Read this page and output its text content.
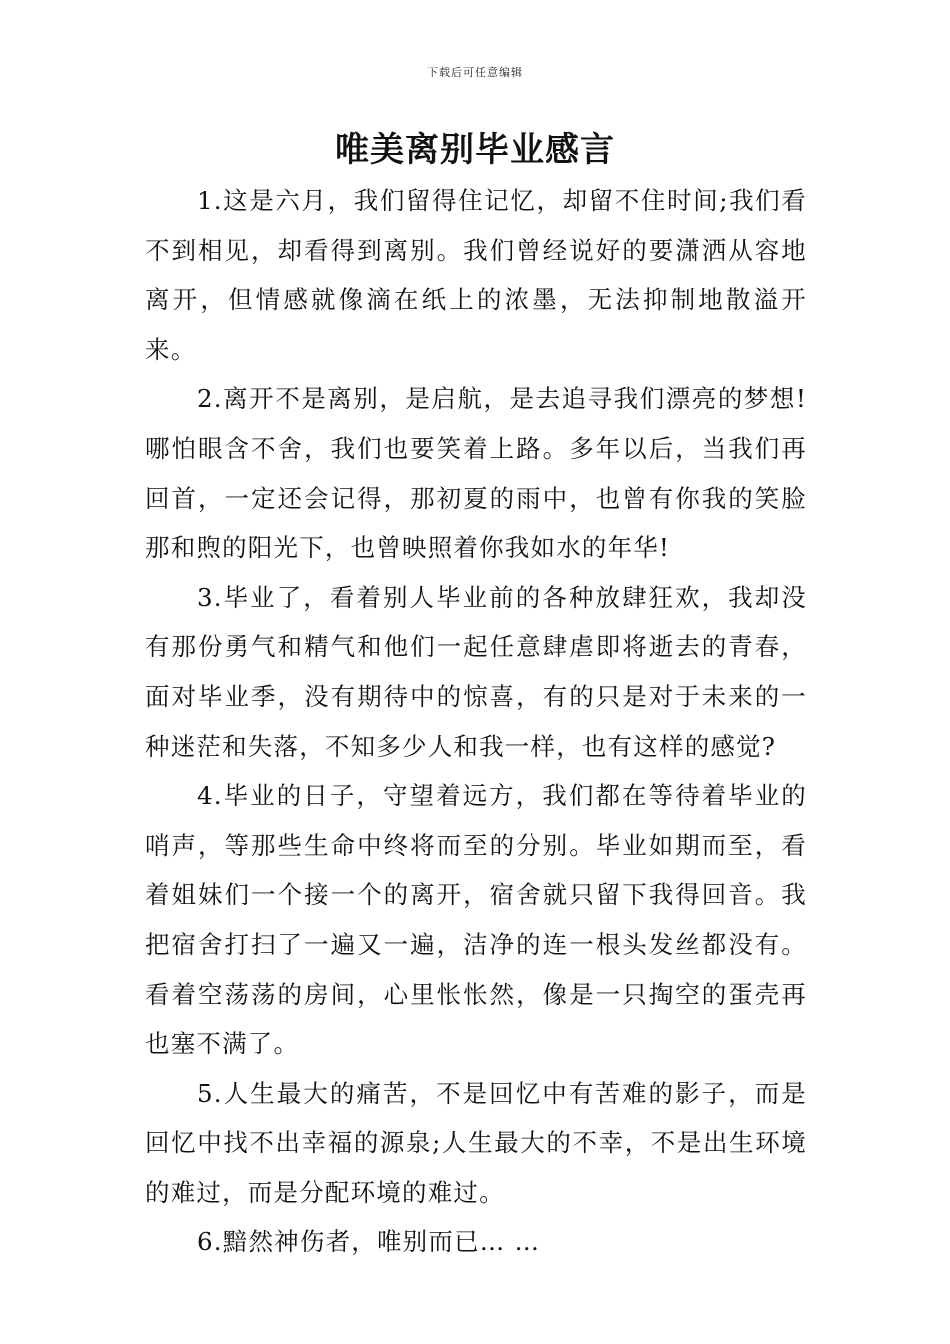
下载后可任意编辑
唯美离别毕业感言

1.这是六月，我们留得住记忆，却留不住时间;我们看不到相见，却看得到离别。我们曾经说好的要潇洒从容地离开，但情感就像滴在纸上的浓墨，无法抑制地散溢开来。

2.离开不是离别，是启航，是去追寻我们漂亮的梦想!哪怕眼含不舍，我们也要笑着上路。多年以后，当我们再回首，一定还会记得，那初夏的雨中，也曾有你我的笑脸那和煦的阳光下，也曾映照着你我如水的年华!

3.毕业了，看着别人毕业前的各种放肆狂欢，我却没有那份勇气和精气和他们一起任意肆虐即将逝去的青春，面对毕业季，没有期待中的惊喜，有的只是对于未来的一种迷茫和失落，不知多少人和我一样，也有这样的感觉?

4.毕业的日子，守望着远方，我们都在等待着毕业的哨声，等那些生命中终将而至的分别。毕业如期而至，看着姐妹们一个接一个的离开，宿舍就只留下我得回音。我把宿舍打扫了一遍又一遍，洁净的连一根头发丝都没有。看着空荡荡的房间，心里怅怅然，像是一只掏空的蛋壳再也塞不满了。

5.人生最大的痛苦，不是回忆中有苦难的影子，而是回忆中找不出幸福的源泉;人生最大的不幸，不是出生环境的难过，而是分配环境的难过。

6.黯然神伤者，唯别而已… …
